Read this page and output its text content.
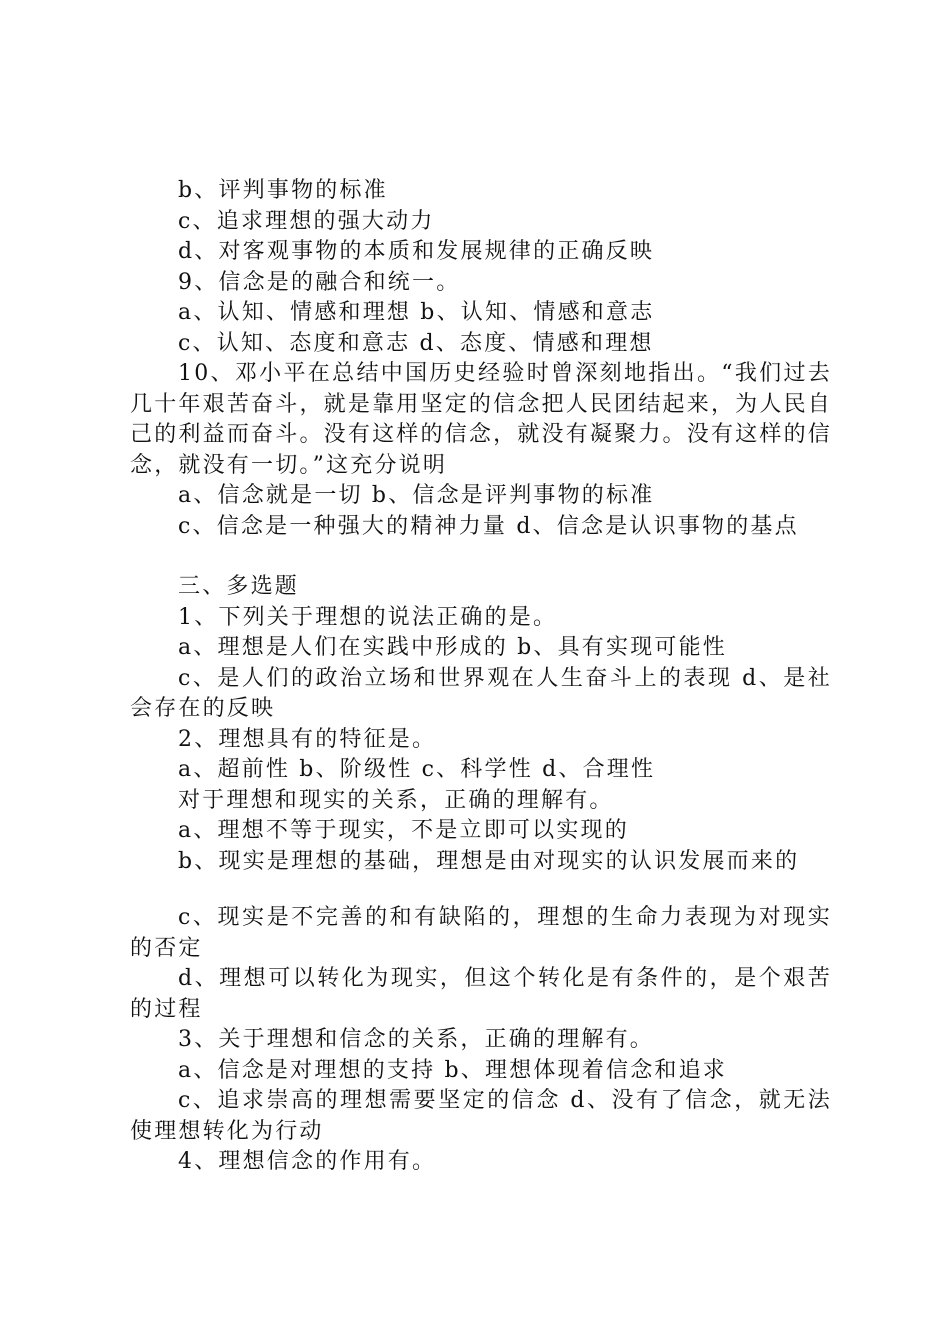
b、评判事物的标准

c、追求理想的强大动力

d、对客观事物的本质和发展规律的正确反映

9、信念是的融合和统一。

a、认知、情感和理想 b、认知、情感和意志

c、认知、态度和意志 d、态度、情感和理想

10、邓小平在总结中国历史经验时曾深刻地指出。“我们过去几十年艰苦奋斗，就是靠用坚定的信念把人民团结起来，为人民自己的利益而奋斗。没有这样的信念，就没有凝聚力。没有这样的信念，就没有一切。”这充分说明

a、信念就是一切 b、信念是评判事物的标准

c、信念是一种强大的精神力量 d、信念是认识事物的基点

三、多选题

1、下列关于理想的说法正确的是。

a、理想是人们在实践中形成的 b、具有实现可能性

c、是人们的政治立场和世界观在人生奋斗上的表现 d、是社会存在的反映

2、理想具有的特征是。

a、超前性 b、阶级性 c、科学性 d、合理性

对于理想和现实的关系，正确的理解有。

a、理想不等于现实，不是立即可以实现的

b、现实是理想的基础，理想是由对现实的认识发展而来的

c、现实是不完善的和有缺陷的，理想的生命力表现为对现实的否定

d、理想可以转化为现实，但这个转化是有条件的，是个艰苦的过程

3、关于理想和信念的关系，正确的理解有。

a、信念是对理想的支持 b、理想体现着信念和追求

c、追求崇高的理想需要坚定的信念 d、没有了信念，就无法使理想转化为行动

4、理想信念的作用有。
